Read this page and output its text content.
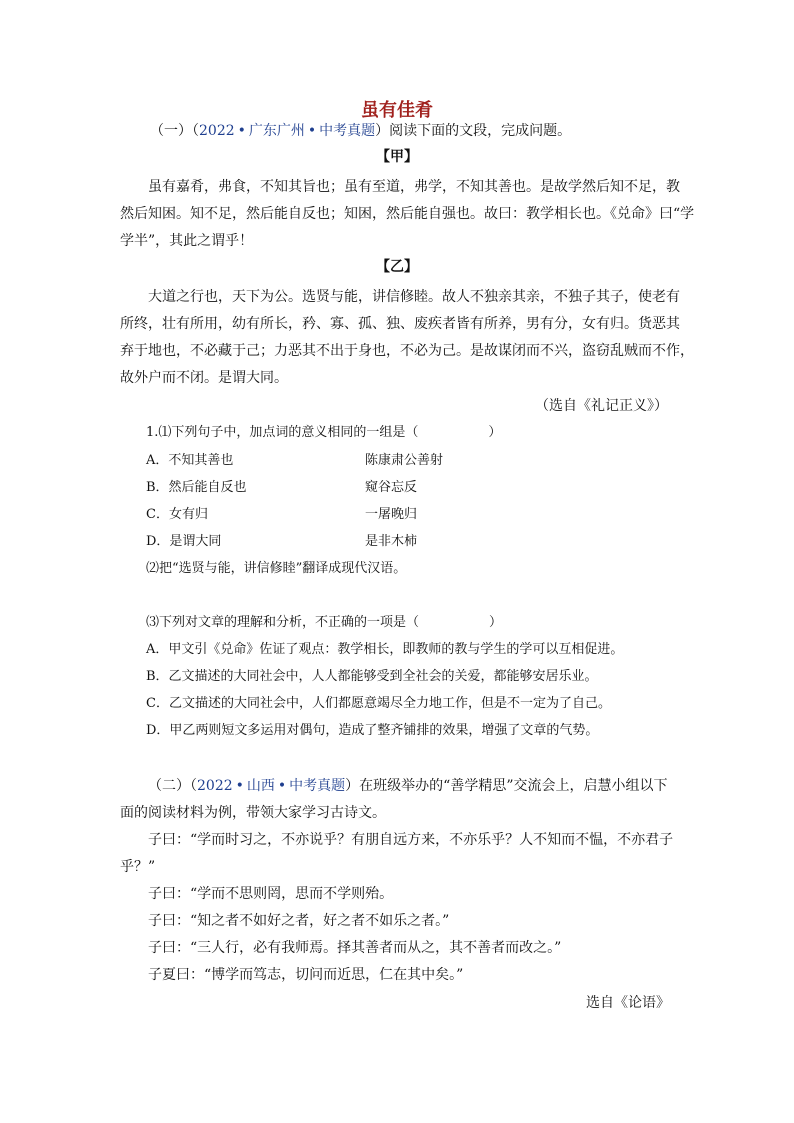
虽有佳肴
（一）（2022 • 广东广州 • 中考真题）阅读下面的文段，完成问题。
【甲】
虽有嘉肴，弗食，不知其旨也；虽有至道，弗学，不知其善也。是故学然后知不足，教
然后知困。知不足，然后能自反也；知困，然后能自强也。故曰：教学相长也。《兑命》曰“学
学半”，其此之谓乎！
【乙】
大道之行也，天下为公。选贤与能，讲信修睦。故人不独亲其亲，不独子其子，使老有
所终，壮有所用，幼有所长，矜、寡、孤、独、废疾者皆有所养，男有分，女有归。货恶其
弃于地也，不必藏于己；力恶其不出于身也，不必为己。是故谋闭而不兴，盗窃乱贼而不作，
故外户而不闭。是谓大同。
（选自《礼记正义》）
1.⑴下列句子中，加点词的意义相同的一组是（	）
A．不知其善也	陈康肃公善射
B．然后能自反也	窥谷忘反
C．女有归	一屠晚归
D．是谓大同	是非木柿
⑵把“选贤与能，讲信修睦”翻译成现代汉语。
⑶下列对文章的理解和分析，不正确的一项是（	）
A．甲文引《兑命》佐证了观点：教学相长，即教师的教与学生的学可以互相促进。
B．乙文描述的大同社会中，人人都能够受到全社会的关爱，都能够安居乐业。
C．乙文描述的大同社会中，人们都愿意竭尽全力地工作，但是不一定为了自己。
D．甲乙两则短文多运用对偶句，造成了整齐铺排的效果，增强了文章的气势。
（二）（2022 • 山西 • 中考真题）在班级举办的“善学精思”交流会上，启慧小组以下
面的阅读材料为例，带领大家学习古诗文。
子曰：“学而时习之，不亦说乎？有朋自远方来，不亦乐乎？人不知而不愠，不亦君子
乎？”
子曰：“学而不思则罔，思而不学则殆。
子曰：“知之者不如好之者，好之者不如乐之者。”
子曰：“三人行，必有我师焉。择其善者而从之，其不善者而改之。”
子夏曰：“博学而笃志，切问而近思，仁在其中矣。”
选自《论语》
